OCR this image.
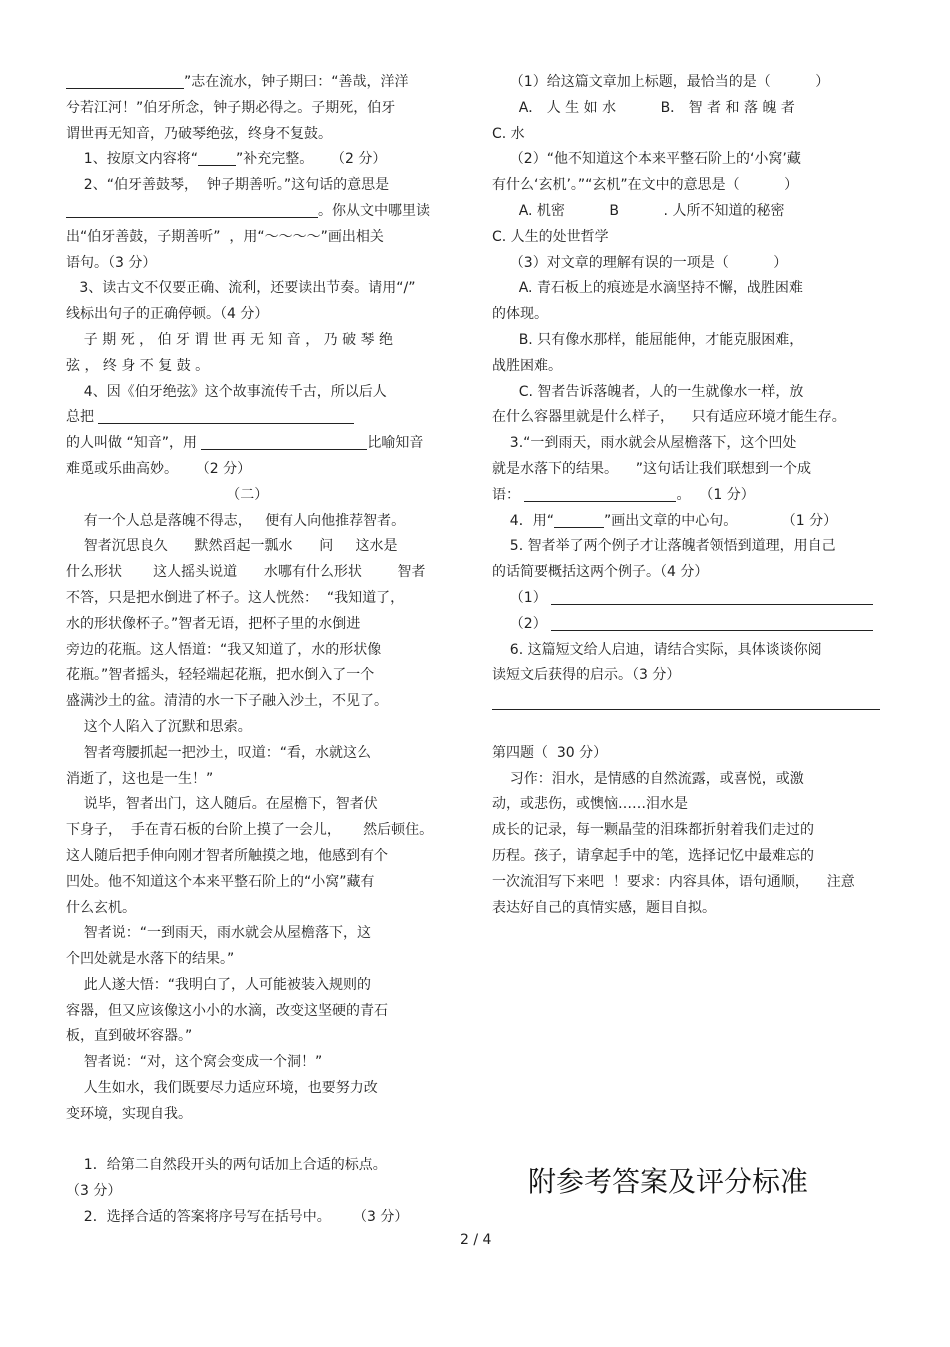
”志在流水，钟子期曰：“善哉，洋洋
兮若江河！”伯牙所念，钟子期必得之。子期死，伯牙
谓世再无知音，乃破琴绝弦，终身不复鼓。
1、按原文内容将“	”补充完整。    （2 分）
2、“伯牙善鼓琴，  钟子期善听。”这句话的意思是
。你从文中哪里读
出“伯牙善鼓，子期善听”  ，用“～～～～”画出相关
语句。（3 分）
3、读古文不仅要正确、流利，还要读出节奏。请用“/”
线标出句子的正确停顿。（4 分）
子 期 死 ， 伯 牙 谓 世 再 无 知 音 ， 乃 破 琴 绝
弦 ， 终 身 不 复 鼓 。
4、因《伯牙绝弦》这个故事流传千古，所以后人
总把
的人叫做 “知音”，用	比喻知音
难觅或乐曲高妙。    （2 分）
（二）
有一个人总是落魄不得志，   便有人向他推荐智者。
智者沉思良久      默然舀起一瓢水      问     这水是
什么形状       这人摇头说道      水哪有什么形状        智者
不答，只是把水倒进了杯子。这人恍然：  “我知道了，
水的形状像杯子。”智者无语，把杯子里的水倒进
旁边的花瓶。这人悟道：“我又知道了，水的形状像
花瓶。”智者摇头，轻轻端起花瓶，把水倒入了一个
盛满沙土的盆。清清的水一下子融入沙土，不见了。
这个人陷入了沉默和思索。
智者弯腰抓起一把沙土，叹道：“看，水就这么
消逝了，这也是一生！”
说毕，智者出门，这人随后。在屋檐下，智者伏
下身子，  手在青石板的台阶上摸了一会儿，     然后顿住。
这人随后把手伸向刚才智者所触摸之地，他感到有个
凹处。他不知道这个本来平整石阶上的“小窝”藏有
什么玄机。
智者说：“一到雨天，雨水就会从屋檐落下，这
个凹处就是水落下的结果。”
此人遂大悟：“我明白了，人可能被装入规则的
容器，但又应该像这小小的水滴，改变这坚硬的青石
板，直到破坏容器。”
智者说：“对，这个窝会变成一个洞！”
人生如水，我们既要尽力适应环境，也要努力改
变环境，实现自我。
1．给第二自然段开头的两句话加上合适的标点。
（3 分）
2．选择合适的答案将序号写在括号中。     （3 分）
（1）给这篇文章加上标题，最恰当的是（          ）
A． 人 生 如 水          B． 智 者 和 落 魄 者
C. 水
（2）“他不知道这个本来平整石阶上的‘小窝’藏
有什么‘玄机’。”“玄机”在文中的意思是（          ）
A. 机密          B          . 人所不知道的秘密
C. 人生的处世哲学
（3）对文章的理解有误的一项是（          ）
A. 青石板上的痕迹是水滴坚持不懈，战胜困难
的体现。
B. 只有像水那样，能屈能伸，才能克服困难，
战胜困难。
C. 智者告诉落魄者，人的一生就像水一样，放
在什么容器里就是什么样子，    只有适应环境才能生存。
3.“一到雨天，雨水就会从屋檐落下，这个凹处
就是水落下的结果。    ”这句话让我们联想到一个成
语：	。  （1 分）
4．用“	”画出文章的中心句。          （1 分）
5. 智者举了两个例子才让落魄者领悟到道理，用自己
的话简要概括这两个例子。（4 分）
（1）
（2）
6. 这篇短文给人启迪，请结合实际，具体谈谈你阅
读短文后获得的启示。（3 分）
第四题（  30 分）
习作：泪水，是情感的自然流露，或喜悦，或激
动，或悲伤，或懊恼……泪水是
成长的记录，每一颗晶莹的泪珠都折射着我们走过的
历程。孩子，请拿起手中的笔，选择记忆中最难忘的
一次流泪写下来吧  ！要求：内容具体，语句通顺，    注意
表达好自己的真情实感，题目自拟。
附参考答案及评分标准
2 / 4
